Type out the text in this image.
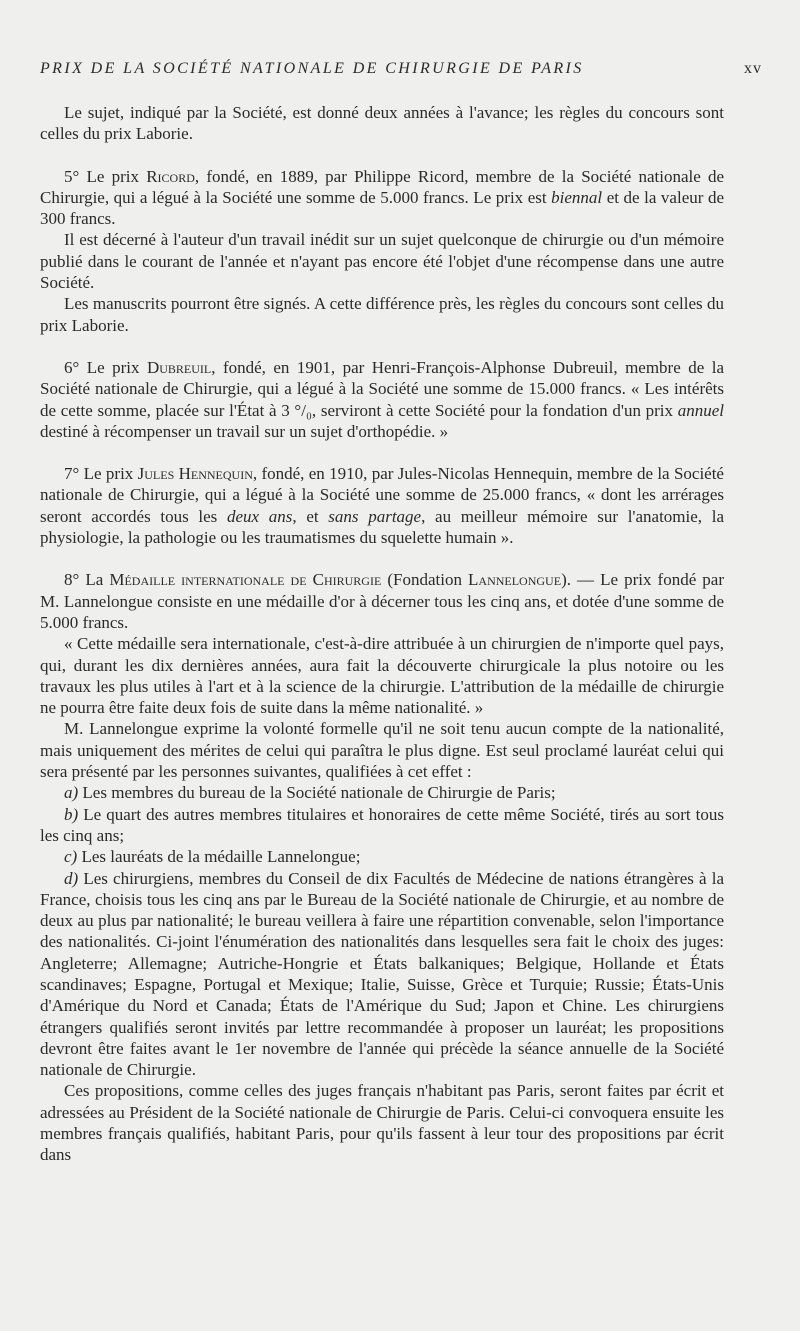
PRIX DE LA SOCIÉTÉ NATIONALE DE CHIRURGIE DE PARIS	xv

Le sujet, indiqué par la Société, est donné deux années à l'avance; les règles du concours sont celles du prix Laborie.

5° Le prix Ricord, fondé, en 1889, par Philippe Ricord, membre de la Société nationale de Chirurgie, qui a légué à la Société une somme de 5.000 francs. Le prix est biennal et de la valeur de 300 francs.

Il est décerné à l'auteur d'un travail inédit sur un sujet quelconque de chirurgie ou d'un mémoire publié dans le courant de l'année et n'ayant pas encore été l'objet d'une récompense dans une autre Société.

Les manuscrits pourront être signés. A cette différence près, les règles du concours sont celles du prix Laborie.

6° Le prix Dubreuil, fondé, en 1901, par Henri-François-Alphonse Dubreuil, membre de la Société nationale de Chirurgie, qui a légué à la Société une somme de 15.000 francs. « Les intérêts de cette somme, placée sur l'État à 3 °/₀, serviront à cette Société pour la fondation d'un prix annuel destiné à récompenser un travail sur un sujet d'orthopédie. »

7° Le prix Jules Hennequin, fondé, en 1910, par Jules-Nicolas Hennequin, membre de la Société nationale de Chirurgie, qui a légué à la Société une somme de 25.000 francs, « dont les arrérages seront accordés tous les deux ans, et sans partage, au meilleur mémoire sur l'anatomie, la physiologie, la pathologie ou les traumatismes du squelette humain ».

8° La Médaille internationale de Chirurgie (Fondation Lannelongue). — Le prix fondé par M. Lannelongue consiste en une médaille d'or à décerner tous les cinq ans, et dotée d'une somme de 5.000 francs.

« Cette médaille sera internationale, c'est-à-dire attribuée à un chirurgien de n'importe quel pays, qui, durant les dix dernières années, aura fait la découverte chirurgicale la plus notoire ou les travaux les plus utiles à l'art et à la science de la chirurgie. L'attribution de la médaille de chirurgie ne pourra être faite deux fois de suite dans la même nationalité. »

M. Lannelongue exprime la volonté formelle qu'il ne soit tenu aucun compte de la nationalité, mais uniquement des mérites de celui qui paraîtra le plus digne. Est seul proclamé lauréat celui qui sera présenté par les personnes suivantes, qualifiées à cet effet :

a) Les membres du bureau de la Société nationale de Chirurgie de Paris;

b) Le quart des autres membres titulaires et honoraires de cette même Société, tirés au sort tous les cinq ans;

c) Les lauréats de la médaille Lannelongue;

d) Les chirurgiens, membres du Conseil de dix Facultés de Médecine de nations étrangères à la France, choisis tous les cinq ans par le Bureau de la Société nationale de Chirurgie, et au nombre de deux au plus par nationalité; le bureau veillera à faire une répartition convenable, selon l'importance des nationalités. Ci-joint l'énumération des nationalités dans lesquelles sera fait le choix des juges: Angleterre; Allemagne; Autriche-Hongrie et États balkaniques; Belgique, Hollande et États scandinaves; Espagne, Portugal et Mexique; Italie, Suisse, Grèce et Turquie; Russie; États-Unis d'Amérique du Nord et Canada; États de l'Amérique du Sud; Japon et Chine. Les chirurgiens étrangers qualifiés seront invités par lettre recommandée à proposer un lauréat; les propositions devront être faites avant le 1er novembre de l'année qui précède la séance annuelle de la Société nationale de Chirurgie.

Ces propositions, comme celles des juges français n'habitant pas Paris, seront faites par écrit et adressées au Président de la Société nationale de Chirurgie de Paris. Celui-ci convoquera ensuite les membres français qualifiés, habitant Paris, pour qu'ils fassent à leur tour des propositions par écrit dans
